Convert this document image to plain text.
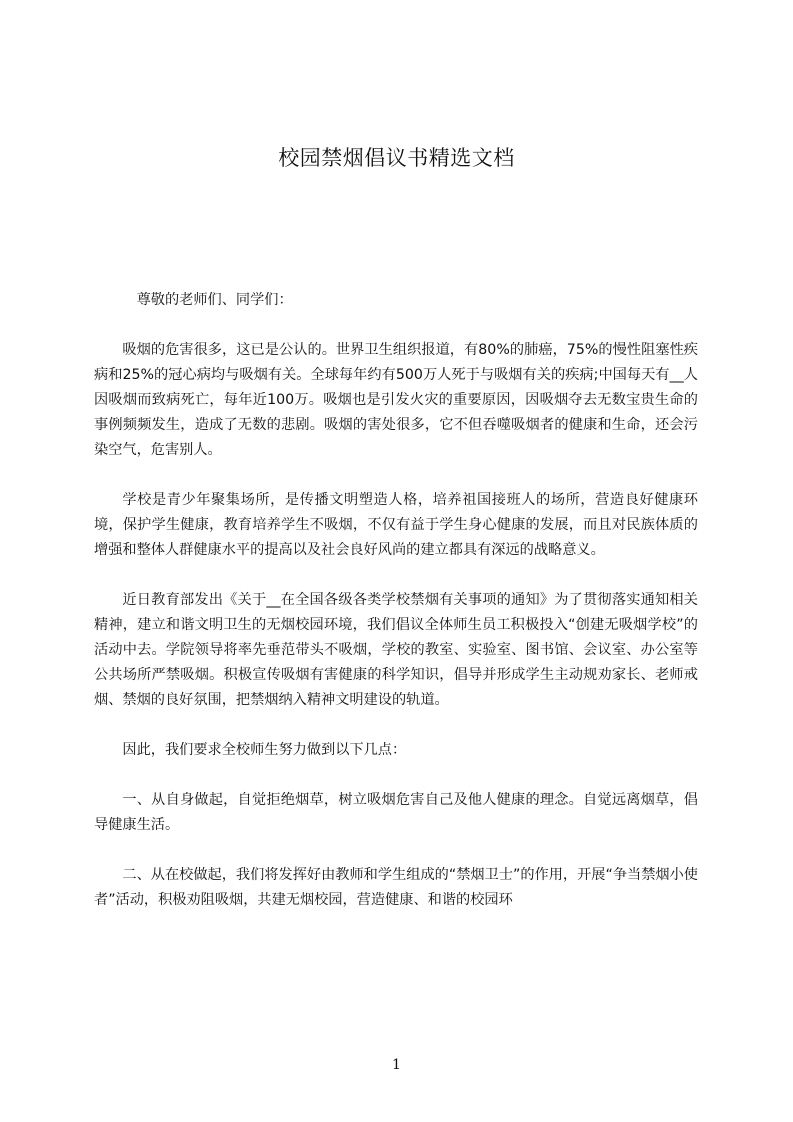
校园禁烟倡议书精选文档

尊敬的老师们、同学们：

吸烟的危害很多，这已是公认的。世界卫生组织报道，有80%的肺癌，75%的慢性阻塞性疾病和25%的冠心病均与吸烟有关。全球每年约有500万人死于与吸烟有关的疾病;中国每天有__人因吸烟而致病死亡，每年近100万。吸烟也是引发火灾的重要原因，因吸烟夺去无数宝贵生命的事例频频发生，造成了无数的悲剧。吸烟的害处很多，它不但吞噬吸烟者的健康和生命，还会污染空气，危害别人。

学校是青少年聚集场所，是传播文明塑造人格，培养祖国接班人的场所，营造良好健康环境，保护学生健康，教育培养学生不吸烟，不仅有益于学生身心健康的发展，而且对民族体质的增强和整体人群健康水平的提高以及社会良好风尚的建立都具有深远的战略意义。

近日教育部发出《关于__在全国各级各类学校禁烟有关事项的通知》为了贯彻落实通知相关精神，建立和谐文明卫生的无烟校园环境，我们倡议全体师生员工积极投入“创建无吸烟学校”的活动中去。学院领导将率先垂范带头不吸烟，学校的教室、实验室、图书馆、会议室、办公室等公共场所严禁吸烟。积极宣传吸烟有害健康的科学知识，倡导并形成学生主动规劝家长、老师戒烟、禁烟的良好氛围，把禁烟纳入精神文明建设的轨道。

因此，我们要求全校师生努力做到以下几点：

一、从自身做起，自觉拒绝烟草，树立吸烟危害自己及他人健康的理念。自觉远离烟草，倡导健康生活。

二、从在校做起，我们将发挥好由教师和学生组成的“禁烟卫士”的作用，开展“争当禁烟小使者”活动，积极劝阻吸烟，共建无烟校园，营造健康、和谐的校园环

1
